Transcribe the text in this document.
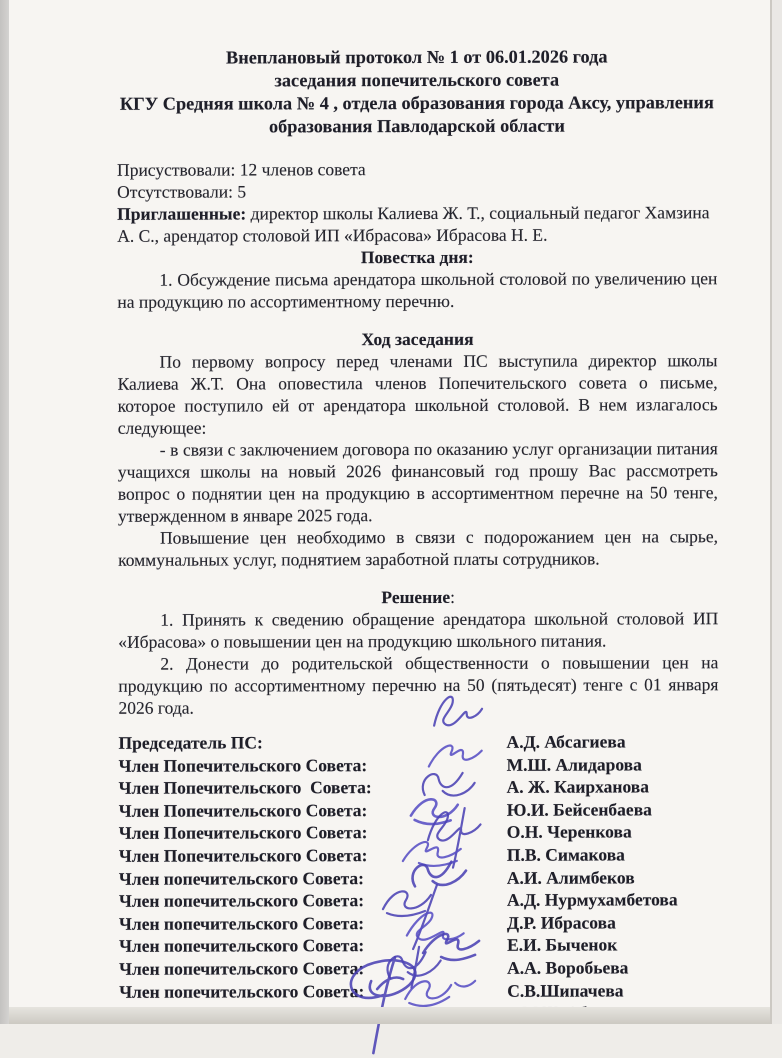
Внеплановый протокол № 1 от 06.01.2026 года
заседания попечительского совета
КГУ Средняя школа № 4 , отдела образования города Аксу, управления
образования Павлодарской области

Присуствовали: 12 членов совета

Отсутствовали: 5

Приглашенные: директор школы Калиева Ж. Т., социальный педагог Хамзина А. С., арендатор столовой ИП «Ибрасова» Ибрасова Н. Е.

Повестка дня:

1. Обсуждение письма арендатора школьной столовой по увеличению цен на продукцию по ассортиментному перечню.

Ход заседания

По первому вопросу перед членами ПС выступила директор школы Калиева Ж.Т. Она оповестила членов Попечительского совета о письме, которое поступило ей от арендатора школьной столовой. В нем излагалось следующее:

- в связи с заключением договора по оказанию услуг организации питания учащихся школы на новый 2026 финансовый год прошу Вас рассмотреть вопрос о поднятии цен на продукцию в ассортиментном перечне на 50 тенге, утвержденном в январе 2025 года.

Повышение цен необходимо в связи с подорожанием цен на сырье, коммунальных услуг, поднятием заработной платы сотрудников.

Решение:

1. Принять к сведению обращение арендатора школьной столовой ИП «Ибрасова» о повышении цен на продукцию школьного питания.

2. Донести до родительской общественности о повышении цен на продукцию по ассортиментному перечню на 50 (пятьдесят) тенге с 01 января 2026 года.

Председатель ПС:	А.Д. Абсагиева
Член Попечительского Совета:	М.Ш. Алидарова
Член Попечительского  Совета:	А. Ж. Каирханова
Член Попечительского Совета:	Ю.И. Бейсенбаева
Член Попечительского Совета:	О.Н. Черенкова
Член Попечительского Совета:	П.В. Симакова
Член попечительского Совета:	А.И. Алимбеков
Член попечительского Совета:	А.Д. Нурмухамбетова
Член попечительского Совета:	Д.Р. Ибрасова
Член попечительского Совета:	Е.И. Быченок
Член попечительского Совета:	А.А. Воробьева
Член попечительского Совета:	С.В.Шипачева
